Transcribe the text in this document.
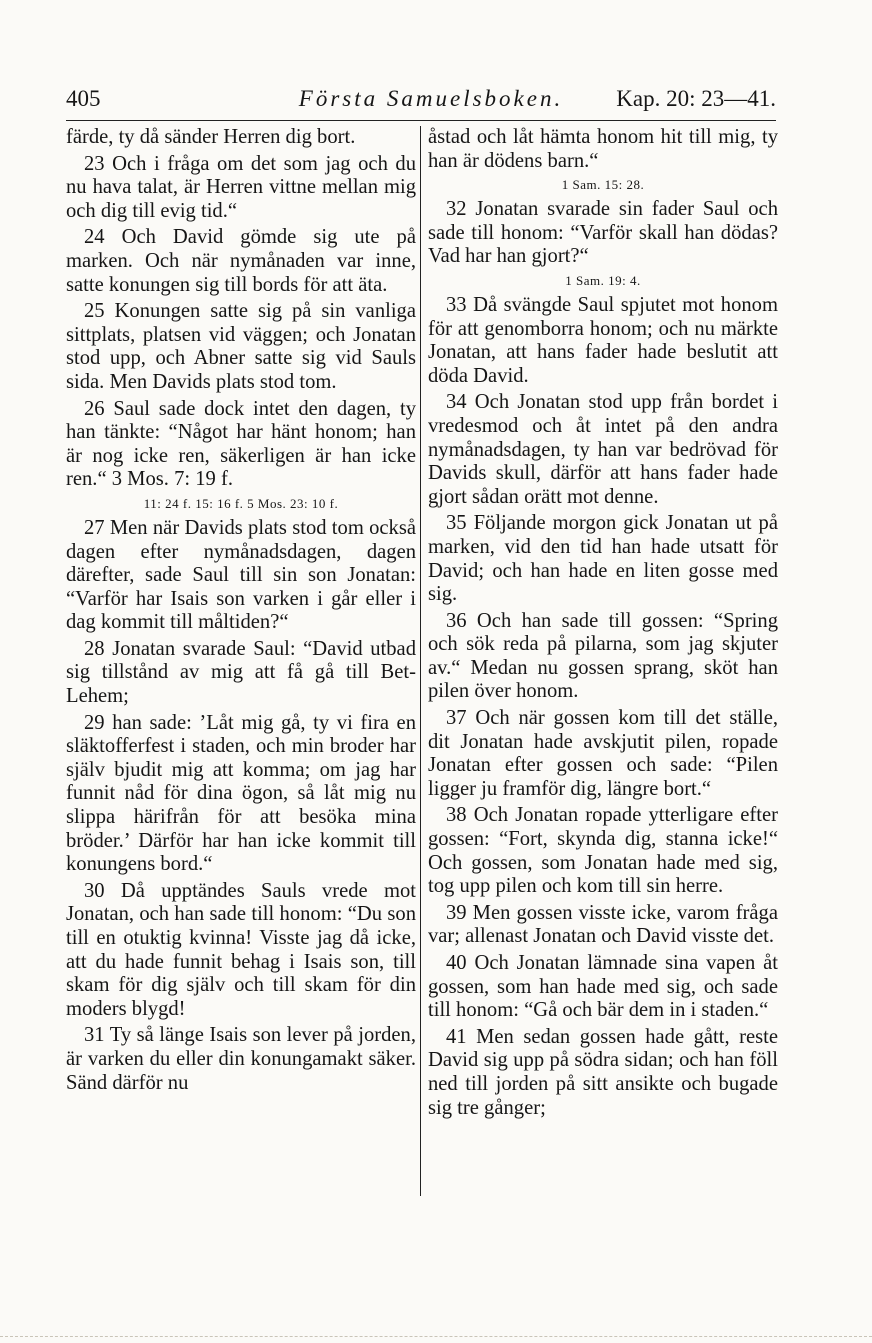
405	Första Samuelsboken.	Kap. 20: 23—41.

färde, ty då sänder Herren dig bort.

23 Och i fråga om det som jag och du nu hava talat, är Herren vittne mellan mig och dig till evig tid.“

24 Och David gömde sig ute på marken. Och när nymånaden var inne, satte konungen sig till bords för att äta.

25 Konungen satte sig på sin vanliga sittplats, platsen vid väggen; och Jonatan stod upp, och Abner satte sig vid Sauls sida. Men Davids plats stod tom.

26 Saul sade dock intet den dagen, ty han tänkte: “Något har hänt honom; han är nog icke ren, säkerligen är han icke ren.“ 3 Mos. 7: 19 f.

11: 24 f. 15: 16 f. 5 Mos. 23: 10 f.

27 Men när Davids plats stod tom också dagen efter nymånadsdagen, dagen därefter, sade Saul till sin son Jonatan: “Varför har Isais son varken i går eller i dag kommit till måltiden?“

28 Jonatan svarade Saul: “David utbad sig tillstånd av mig att få gå till Bet-Lehem;

29 han sade: ’Låt mig gå, ty vi fira en släktofferfest i staden, och min broder har själv bjudit mig att komma; om jag har funnit nåd för dina ögon, så låt mig nu slippa härifrån för att besöka mina bröder.’ Därför har han icke kommit till konungens bord.“

30 Då upptändes Sauls vrede mot Jonatan, och han sade till honom: “Du son till en otuktig kvinna! Visste jag då icke, att du hade funnit behag i Isais son, till skam för dig själv och till skam för din moders blygd!

31 Ty så länge Isais son lever på jorden, är varken du eller din konungamakt säker. Sänd därför nu

åstad och låt hämta honom hit till mig, ty han är dödens barn.“

1 Sam. 15: 28.

32 Jonatan svarade sin fader Saul och sade till honom: “Varför skall han dödas? Vad har han gjort?“

1 Sam. 19: 4.

33 Då svängde Saul spjutet mot honom för att genomborra honom; och nu märkte Jonatan, att hans fader hade beslutit att döda David.

34 Och Jonatan stod upp från bordet i vredesmod och åt intet på den andra nymånadsdagen, ty han var bedrövad för Davids skull, därför att hans fader hade gjort sådan orätt mot denne.

35 Följande morgon gick Jonatan ut på marken, vid den tid han hade utsatt för David; och han hade en liten gosse med sig.

36 Och han sade till gossen: “Spring och sök reda på pilarna, som jag skjuter av.“ Medan nu gossen sprang, sköt han pilen över honom.

37 Och när gossen kom till det ställe, dit Jonatan hade avskjutit pilen, ropade Jonatan efter gossen och sade: “Pilen ligger ju framför dig, längre bort.“

38 Och Jonatan ropade ytterligare efter gossen: “Fort, skynda dig, stanna icke!“ Och gossen, som Jonatan hade med sig, tog upp pilen och kom till sin herre.

39 Men gossen visste icke, varom fråga var; allenast Jonatan och David visste det.

40 Och Jonatan lämnade sina vapen åt gossen, som han hade med sig, och sade till honom: “Gå och bär dem in i staden.“

41 Men sedan gossen hade gått, reste David sig upp på södra sidan; och han föll ned till jorden på sitt ansikte och bugade sig tre gånger;
